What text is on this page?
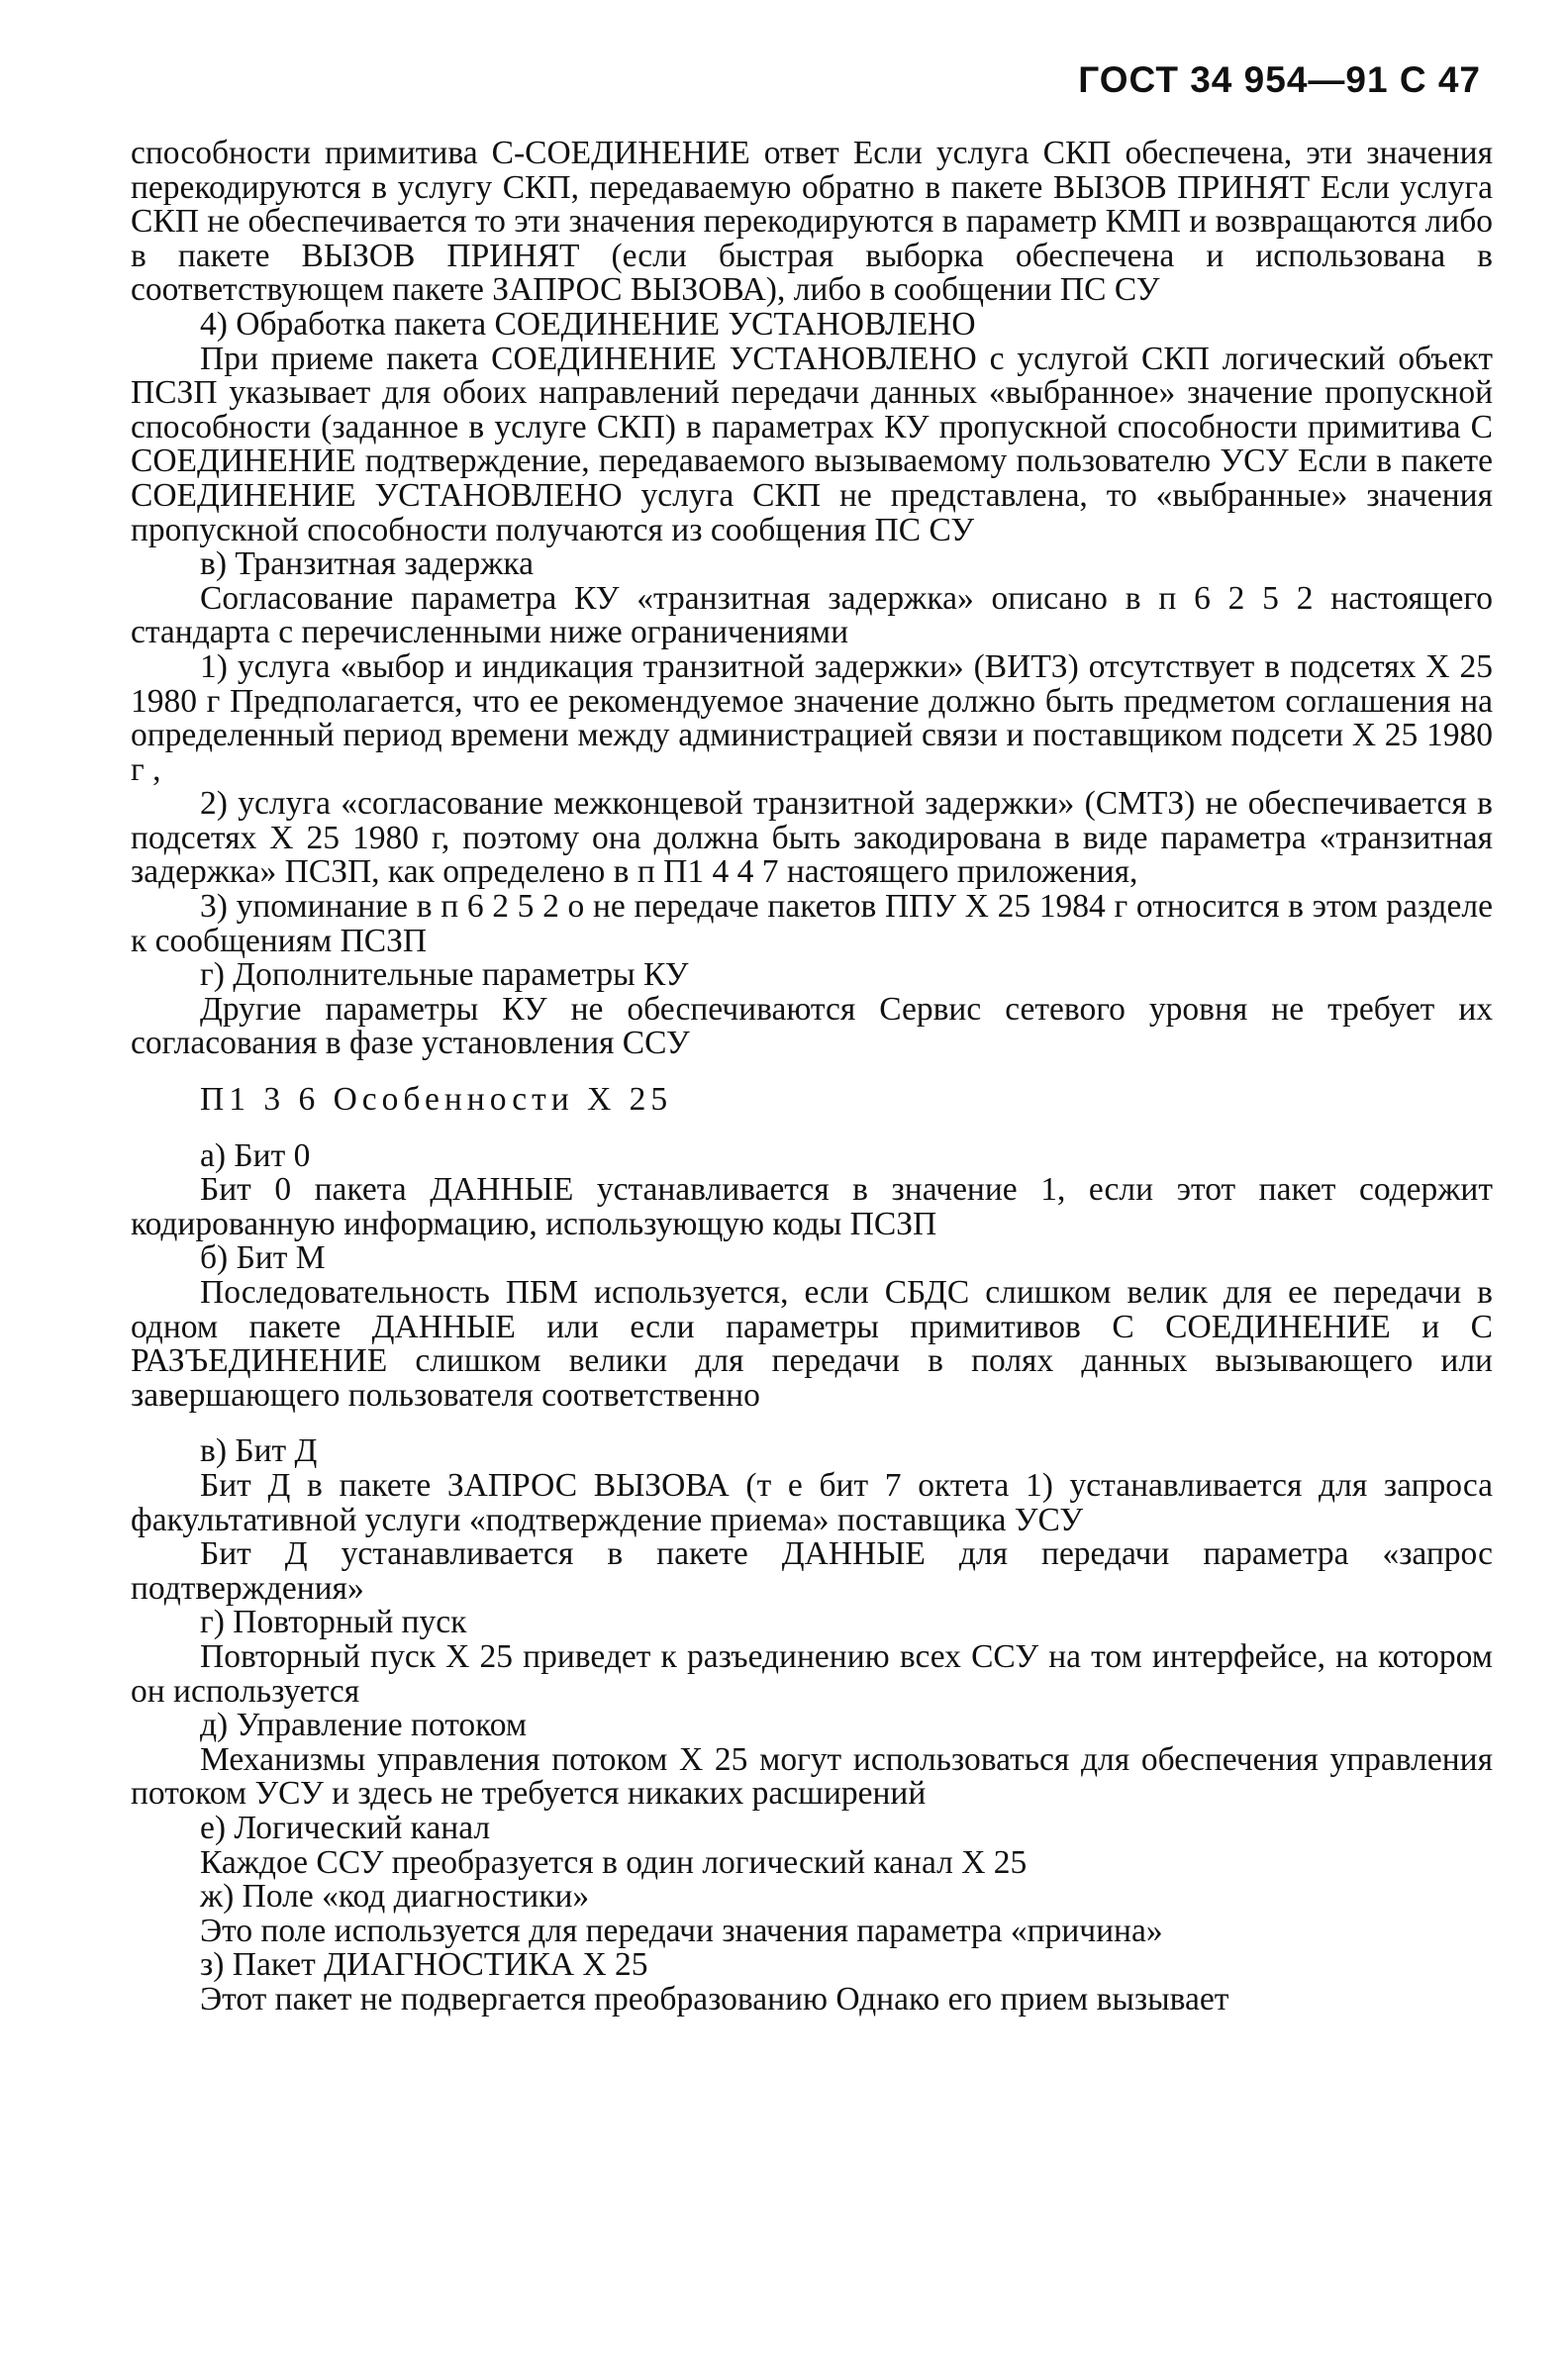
ГОСТ 34 954—91 С 47

способности примитива С-СОЕДИНЕНИЕ ответ Если услуга СКП обеспечена, эти значения перекодируются в услугу СКП, передаваемую обратно в пакете ВЫЗОВ ПРИНЯТ Если услуга СКП не обеспечивается то эти значения перекодируются в параметр КМП и возвращаются либо в пакете ВЫЗОВ ПРИНЯТ (если быстрая выборка обеспечена и использована в соответствующем пакете ЗАПРОС ВЫЗОВА), либо в сообщении ПС СУ

4) Обработка пакета СОЕДИНЕНИЕ УСТАНОВЛЕНО

При приеме пакета СОЕДИНЕНИЕ УСТАНОВЛЕНО с услугой СКП логический объект ПСЗП указывает для обоих направлений передачи данных «выбранное» значение пропускной способности (заданное в услуге СКП) в параметрах КУ пропускной способности примитива С СОЕДИНЕНИЕ подтверждение, передаваемого вызываемому пользователю УСУ Если в пакете СОЕДИНЕНИЕ УСТАНОВЛЕНО услуга СКП не представлена, то «выбранные» значения пропускной способности получаются из сообщения ПС СУ

в) Транзитная задержка

Согласование параметра КУ «транзитная задержка» описано в п 6 2 5 2 настоящего стандарта с перечисленными ниже ограничениями

1) услуга «выбор и индикация транзитной задержки» (ВИТЗ) отсутствует в подсетях Х 25 1980 г Предполагается, что ее рекомендуемое значение должно быть предметом соглашения на определенный период времени между администрацией связи и поставщиком подсети Х 25 1980 г ,

2) услуга «согласование межконцевой транзитной задержки» (СМТЗ) не обеспечивается в подсетях Х 25 1980 г, поэтому она должна быть закодирована в виде параметра «транзитная задержка» ПСЗП, как определено в п П1 4 4 7 настоящего приложения,

3) упоминание в п 6 2 5 2 о не передаче пакетов ППУ Х 25 1984 г относится в этом разделе к сообщениям ПСЗП

г) Дополнительные параметры КУ

Другие параметры КУ не обеспечиваются Сервис сетевого уровня не требует их согласования в фазе установления ССУ

П1 3 6 Особенности Х 25

а) Бит 0

Бит 0 пакета ДАННЫЕ устанавливается в значение 1, если этот пакет содержит кодированную информацию, использующую коды ПСЗП

б) Бит М

Последовательность ПБМ используется, если СБДС слишком велик для ее передачи в одном пакете ДАННЫЕ или если параметры примитивов С СОЕДИНЕНИЕ и С РАЗЪЕДИНЕНИЕ слишком велики для передачи в полях данных вызывающего или завершающего пользователя соответственно

в) Бит Д

Бит Д в пакете ЗАПРОС ВЫЗОВА (т е бит 7 октета 1) устанавливается для запроса факультативной услуги «подтверждение приема» поставщика УСУ

Бит Д устанавливается в пакете ДАННЫЕ для передачи параметра «запрос подтверждения»

г) Повторный пуск

Повторный пуск Х 25 приведет к разъединению всех ССУ на том интерфейсе, на котором он используется

д) Управление потоком

Механизмы управления потоком Х 25 могут использоваться для обеспечения управления потоком УСУ и здесь не требуется никаких расширений

е) Логический канал

Каждое ССУ преобразуется в один логический канал Х 25

ж) Поле «код диагностики»

Это поле используется для передачи значения параметра «причина»

з) Пакет ДИАГНОСТИКА Х 25

Этот пакет не подвергается преобразованию Однако его прием вызывает
